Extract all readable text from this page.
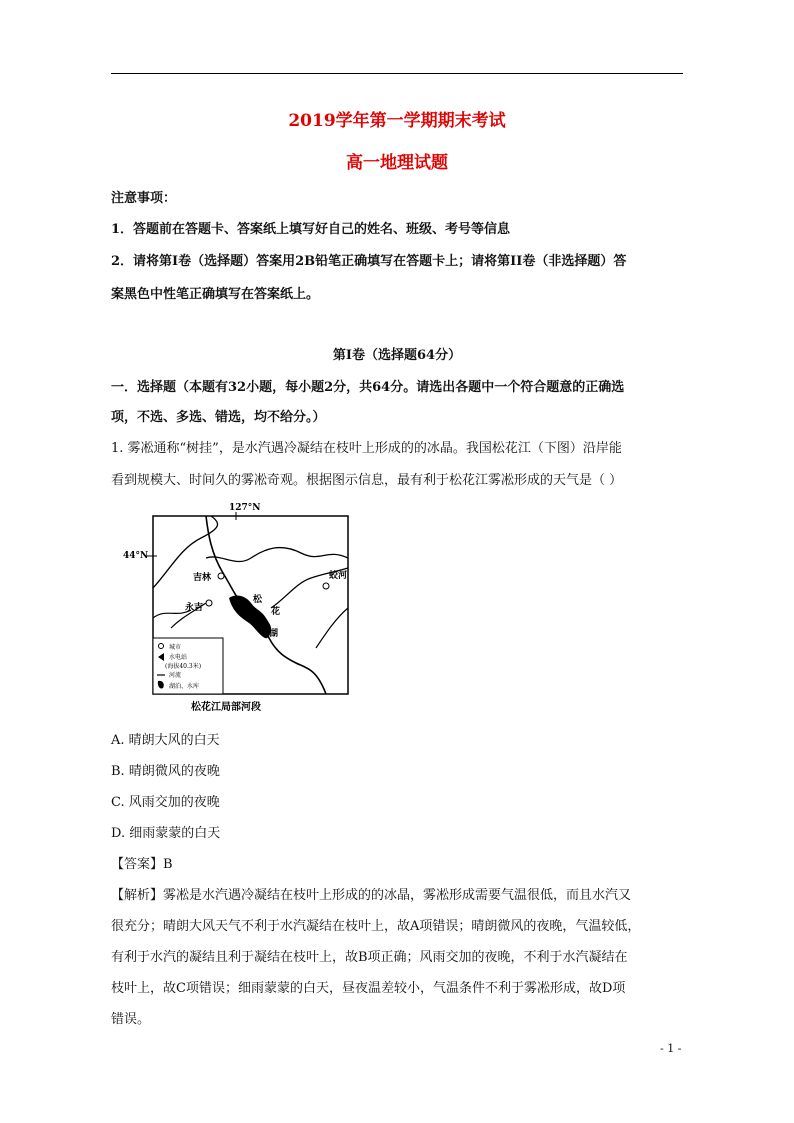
2019学年第一学期期末考试
高一地理试题
注意事项：
1．答题前在答题卡、答案纸上填写好自己的姓名、班级、考号等信息
2．请将第Ⅰ卷（选择题）答案用2B铅笔正确填写在答题卡上；请将第II卷（非选择题）答
案黑色中性笔正确填写在答案纸上。
第Ⅰ卷（选择题64分）
一．选择题（本题有32小题，每小题2分，共64分。请选出各题中一个符合题意的正确选
项，不选、多选、错选，均不给分。）
1. 雾凇通称“树挂”，是水汽遇冷凝结在枝叶上形成的的冰晶。我国松花江（下图）沿岸能
看到规模大、时间久的雾凇奇观。根据图示信息，最有利于松花江雾凇形成的天气是（ ）
127°N
44°N
吉林
永吉
蛟河
松
花
湖
城市
水电站
(海拔40.3米)
河流
湖泊、水库
松花江局部河段
A. 晴朗大风的白天
B. 晴朗微风的夜晚
C. 风雨交加的夜晚
D. 细雨蒙蒙的白天
【答案】B
【解析】雾凇是水汽遇冷凝结在枝叶上形成的的冰晶，雾凇形成需要气温很低，而且水汽又
很充分；晴朗大风天气不利于水汽凝结在枝叶上，故A项错误；晴朗微风的夜晚，气温较低，
有利于水汽的凝结且利于凝结在枝叶上，故B项正确；风雨交加的夜晚，不利于水汽凝结在
枝叶上，故C项错误；细雨蒙蒙的白天，昼夜温差较小，气温条件不利于雾凇形成，故D项
错误。
- 1 -
